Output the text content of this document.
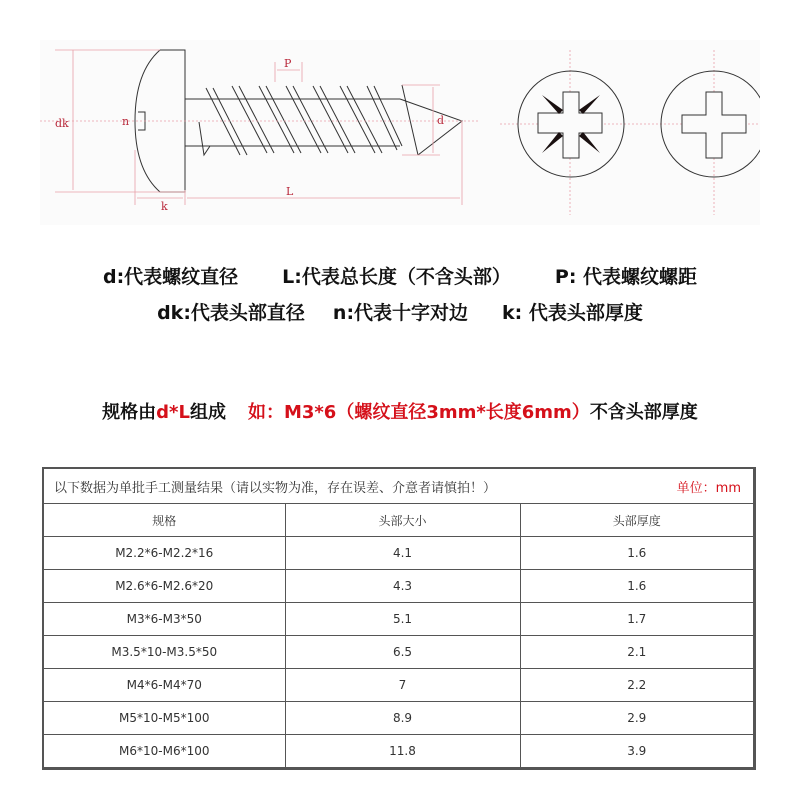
dk	n
k
P
L
d
d:代表螺纹直径 L:代表总长度（不含头部） P: 代表螺纹螺距
dk:代表头部直径 n:代表十字对边 k: 代表头部厚度
规格由d*L组成 如：M3*6（螺纹直径3mm*长度6mm）不含头部厚度
以下数据为单批手工测量结果（请以实物为准，存在误差、介意者请慎拍！）	单位：mm
规格	头部大小	头部厚度
M2.2*6-M2.2*16	4.1	1.6
M2.6*6-M2.6*20	4.3	1.6
M3*6-M3*50	5.1	1.7
M3.5*10-M3.5*50	6.5	2.1
M4*6-M4*70	7	2.2
M5*10-M5*100	8.9	2.9
M6*10-M6*100	11.8	3.9
